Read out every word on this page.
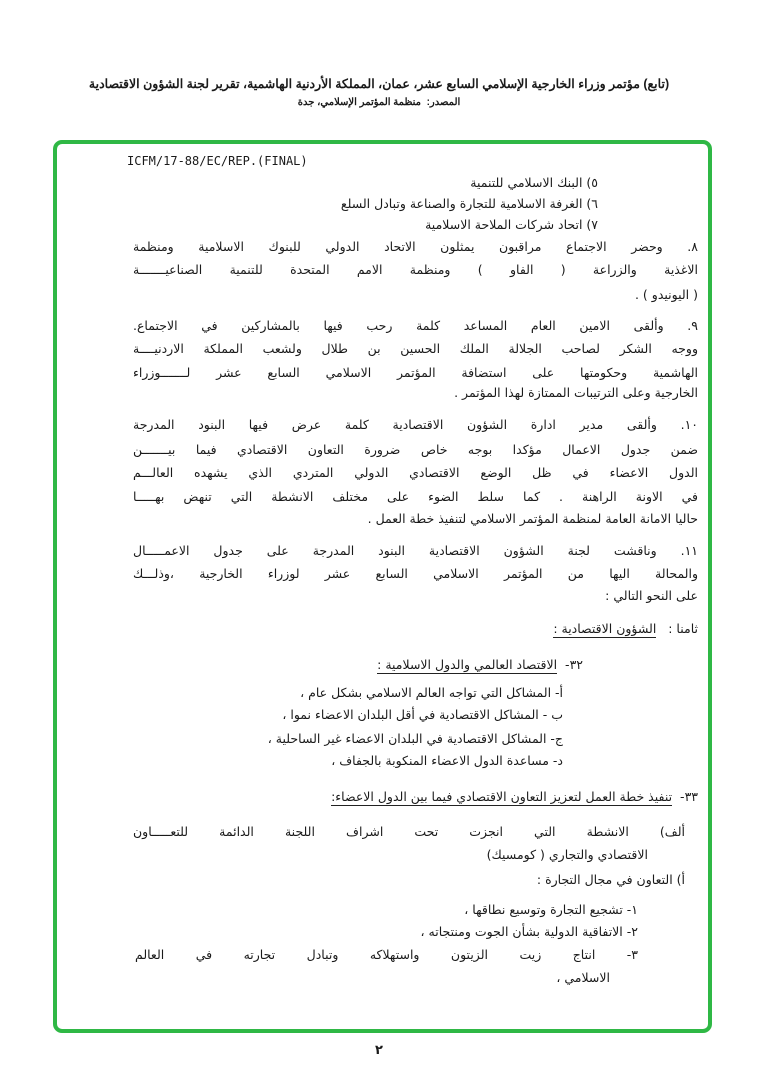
(تابع) مؤتمر وزراء الخارجية الإسلامي السابع عشر، عمان، المملكة الأردنية الهاشمية، تقرير لجنة الشؤون الاقتصادية
المصدر:  منظمة المؤتمر الإسلامي، جدة
ICFM/17-88/EC/REP.(FINAL)
٥) البنك الاسلامي للتنمية
٦) الغرفة الاسلامية للتجارة والصناعة وتبادل السلع
٧) اتحاد شركات الملاحة الاسلامية
٨. وحضر الاجتماع مراقبون يمثلون الاتحاد الدولي للبنوك الاسلامية ومنظمة
الاغذية والزراعة ( الفاو ) ومنظمة الامم المتحدة للتنمية الصناعيـــــــة
( اليونيدو ) .
٩. وألقى الامين العام المساعد كلمة رحب فيها بالمشاركين في الاجتماع.
ووجه الشكر لصاحب الجلالة الملك الحسين بن طلال ولشعب المملكة الاردنيــــة
الهاشمية وحكومتها على استضافة المؤتمر الاسلامي السابع عشر لـــــــوزراء
الخارجية وعلى الترتيبات الممتازة لهذا المؤتمر .
١٠. وألقى مدير ادارة الشؤون الاقتصادية كلمة عرض فيها البنود المدرجة
ضمن جدول الاعمال مؤكدا بوجه خاص ضرورة التعاون الاقتصادي فيما بيـــــــن
الدول الاعضاء في ظل الوضع الاقتصادي الدولي المتردي الذي يشهده العالـــم
في الاونة الراهنة . كما سلط الضوء على مختلف الانشطة التي تنهض بهـــــا
حاليا الامانة العامة لمنظمة المؤتمر الاسلامي لتنفيذ خطة العمل .
١١. وناقشت لجنة الشؤون الاقتصادية البنود المدرجة على جدول الاعمـــــال
والمحالة اليها من المؤتمر الاسلامي السابع عشر لوزراء الخارجية ،وذلـــك
على النحو التالي :
ثامنا :   الشؤون الاقتصادية :
٣٢-  الاقتصاد العالمي والدول الاسلامية :
أ- المشاكل التي تواجه العالم الاسلامي بشكل عام ،
ب - المشاكل الاقتصادية في أقل البلدان الاعضاء نموا ،
ج- المشاكل الاقتصادية في البلدان الاعضاء غير الساحلية ،
د- مساعدة الدول الاعضاء المنكوبة بالجفاف ،
٣٣-  تنفيذ خطة العمل لتعزيز التعاون الاقتصادي فيما بين الدول الاعضاء:
ألف) الانشطة التي انجزت تحت اشراف اللجنة الدائمة للتعـــــاون
الاقتصادي والتجاري ( كومسيك)
أ) التعاون في مجال التجارة :
١- تشجيع التجارة وتوسيع نطاقها ،
٢- الاتفاقية الدولية بشأن الجوت ومنتجاته ،
٣- انتاج زيت الزيتون واستهلاكه وتبادل تجارته في العالم
الاسلامي ،
٢
